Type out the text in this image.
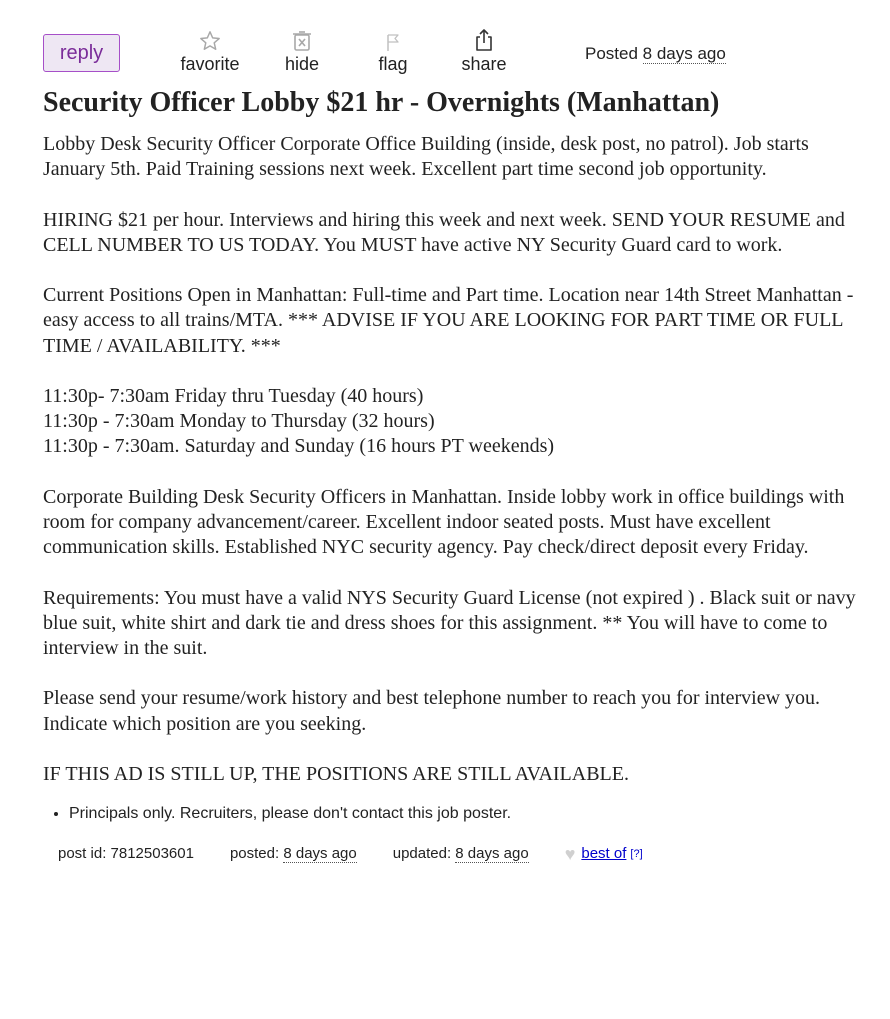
reply
favorite	hide	flag	share
Posted 8 days ago
Security Officer Lobby $21 hr - Overnights (Manhattan)

Lobby Desk Security Officer Corporate Office Building (inside, desk post, no patrol). Job starts January 5th. Paid Training sessions next week. Excellent part time second job opportunity.

HIRING $21 per hour. Interviews and hiring this week and next week. SEND YOUR RESUME and CELL NUMBER TO US TODAY. You MUST have active NY Security Guard card to work.

Current Positions Open in Manhattan: Full-time and Part time. Location near 14th Street Manhattan - easy access to all trains/MTA. *** ADVISE IF YOU ARE LOOKING FOR PART TIME OR FULL TIME / AVAILABILITY. ***

11:30p- 7:30am Friday thru Tuesday (40 hours)
11:30p - 7:30am Monday to Thursday (32 hours)
11:30p - 7:30am. Saturday and Sunday (16 hours PT weekends)

Corporate Building Desk Security Officers in Manhattan. Inside lobby work in office buildings with room for company advancement/career. Excellent indoor seated posts. Must have excellent communication skills. Established NYC security agency. Pay check/direct deposit every Friday.

Requirements: You must have a valid NYS Security Guard License (not expired ) . Black suit or navy blue suit, white shirt and dark tie and dress shoes for this assignment. ** You will have to come to interview in the suit.

Please send your resume/work history and best telephone number to reach you for interview you. Indicate which position are you seeking.

IF THIS AD IS STILL UP, THE POSITIONS ARE STILL AVAILABLE.

• Principals only. Recruiters, please don't contact this job poster.
post id: 7812503601 posted: 8 days ago updated: 8 days ago ♥ best of [?]
